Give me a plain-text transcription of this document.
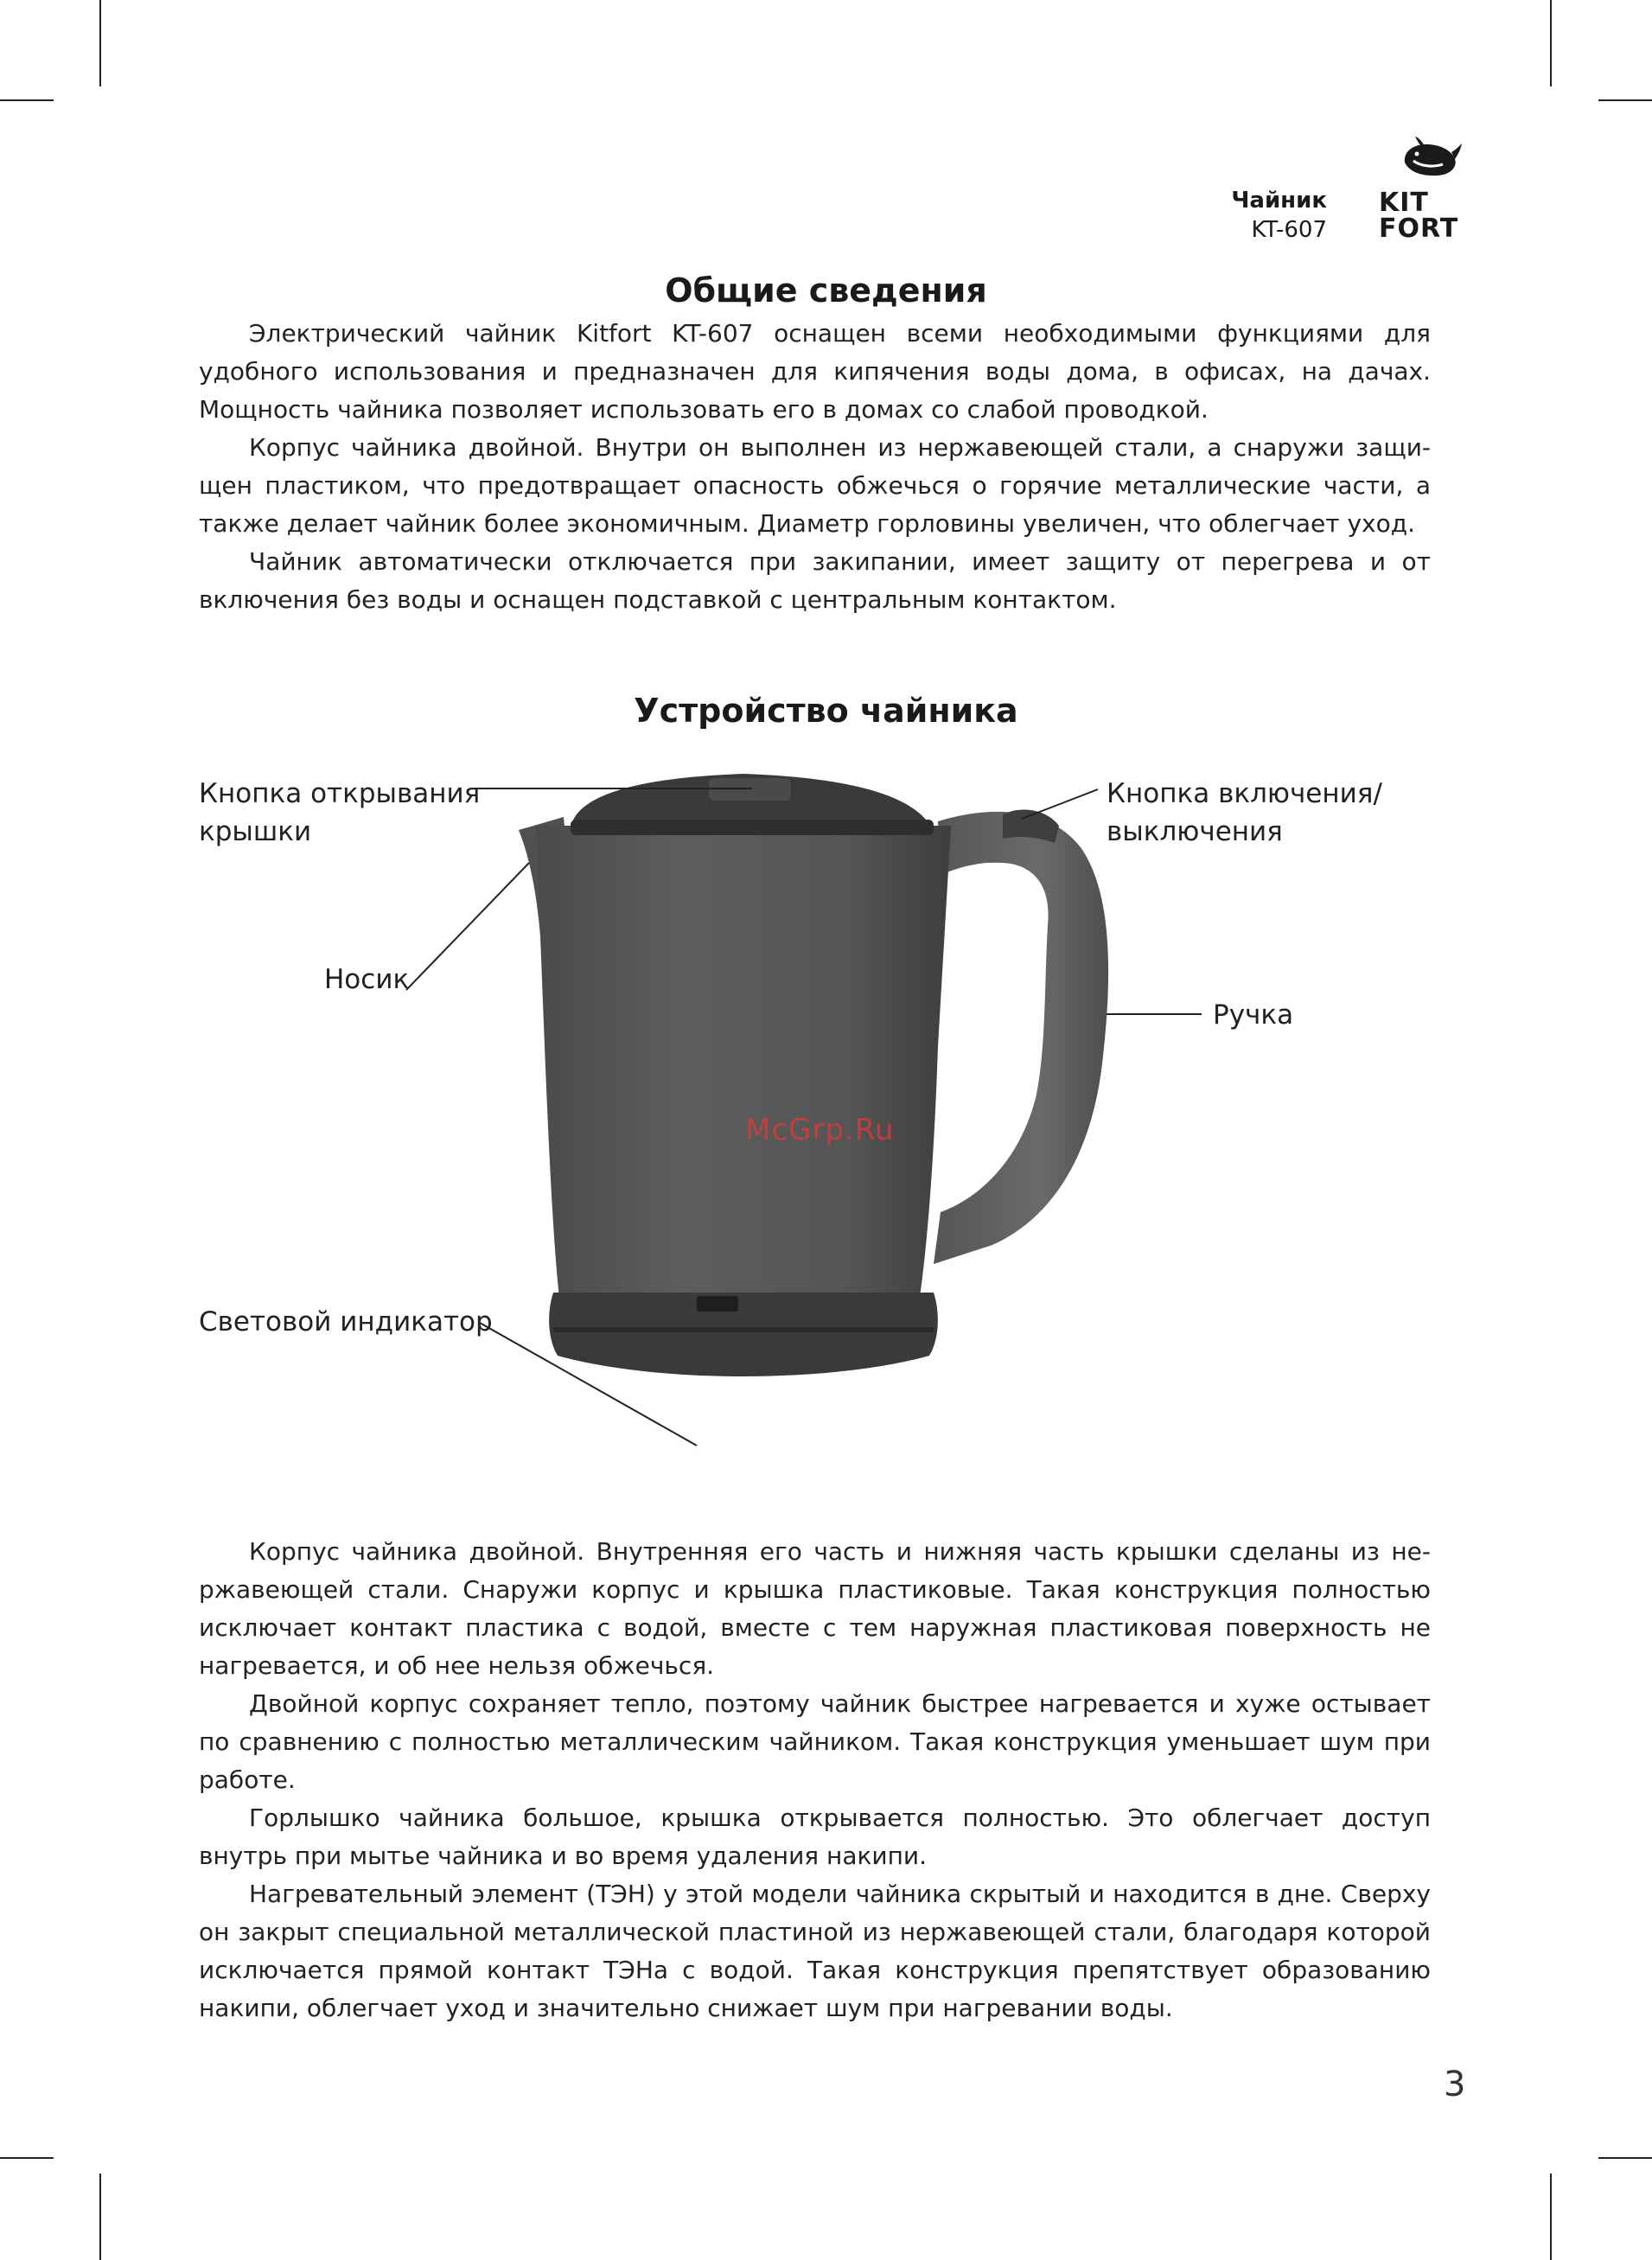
Чайник
KT-607
KIT
FORT
Общие сведения

Электрический чайник Kitfort KT-607 оснащен всеми необходимыми функциями для удобного использования и предназначен для кипячения воды дома, в офисах, на дачах. Мощность чайника позволяет использовать его в домах со слабой проводкой.

Корпус чайника двойной. Внутри он выполнен из нержавеющей стали, а снаружи защищен пластиком, что предотвращает опасность обжечься о горячие металлические части, а также делает чайник более экономичным. Диаметр горловины увеличен, что облегчает уход.

Чайник автоматически отключается при закипании, имеет защиту от перегрева и от включения без воды и оснащен подставкой с центральным контактом.

Устройство чайника
Кнопка открывания
крышки
Кнопка включения/
выключения
Носик
Ручка
Световой индикатор
McGrp.Ru

Корпус чайника двойной. Внутренняя его часть и нижняя часть крышки сделаны из нержавеющей стали. Снаружи корпус и крышка пластиковые. Такая конструкция полностью исключает контакт пластика с водой, вместе с тем наружная пластиковая поверхность не нагревается, и об нее нельзя обжечься.

Двойной корпус сохраняет тепло, поэтому чайник быстрее нагревается и хуже остывает по сравнению с полностью металлическим чайником. Такая конструкция уменьшает шум при работе.

Горлышко чайника большое, крышка открывается полностью. Это облегчает доступ внутрь при мытье чайника и во время удаления накипи.

Нагревательный элемент (ТЭН) у этой модели чайника скрытый и находится в дне. Сверху он закрыт специальной металлической пластиной из нержавеющей стали, благодаря которой исключается прямой контакт ТЭНа с водой. Такая конструкция препятствует образованию накипи, облегчает уход и значительно снижает шум при нагревании воды.

3
